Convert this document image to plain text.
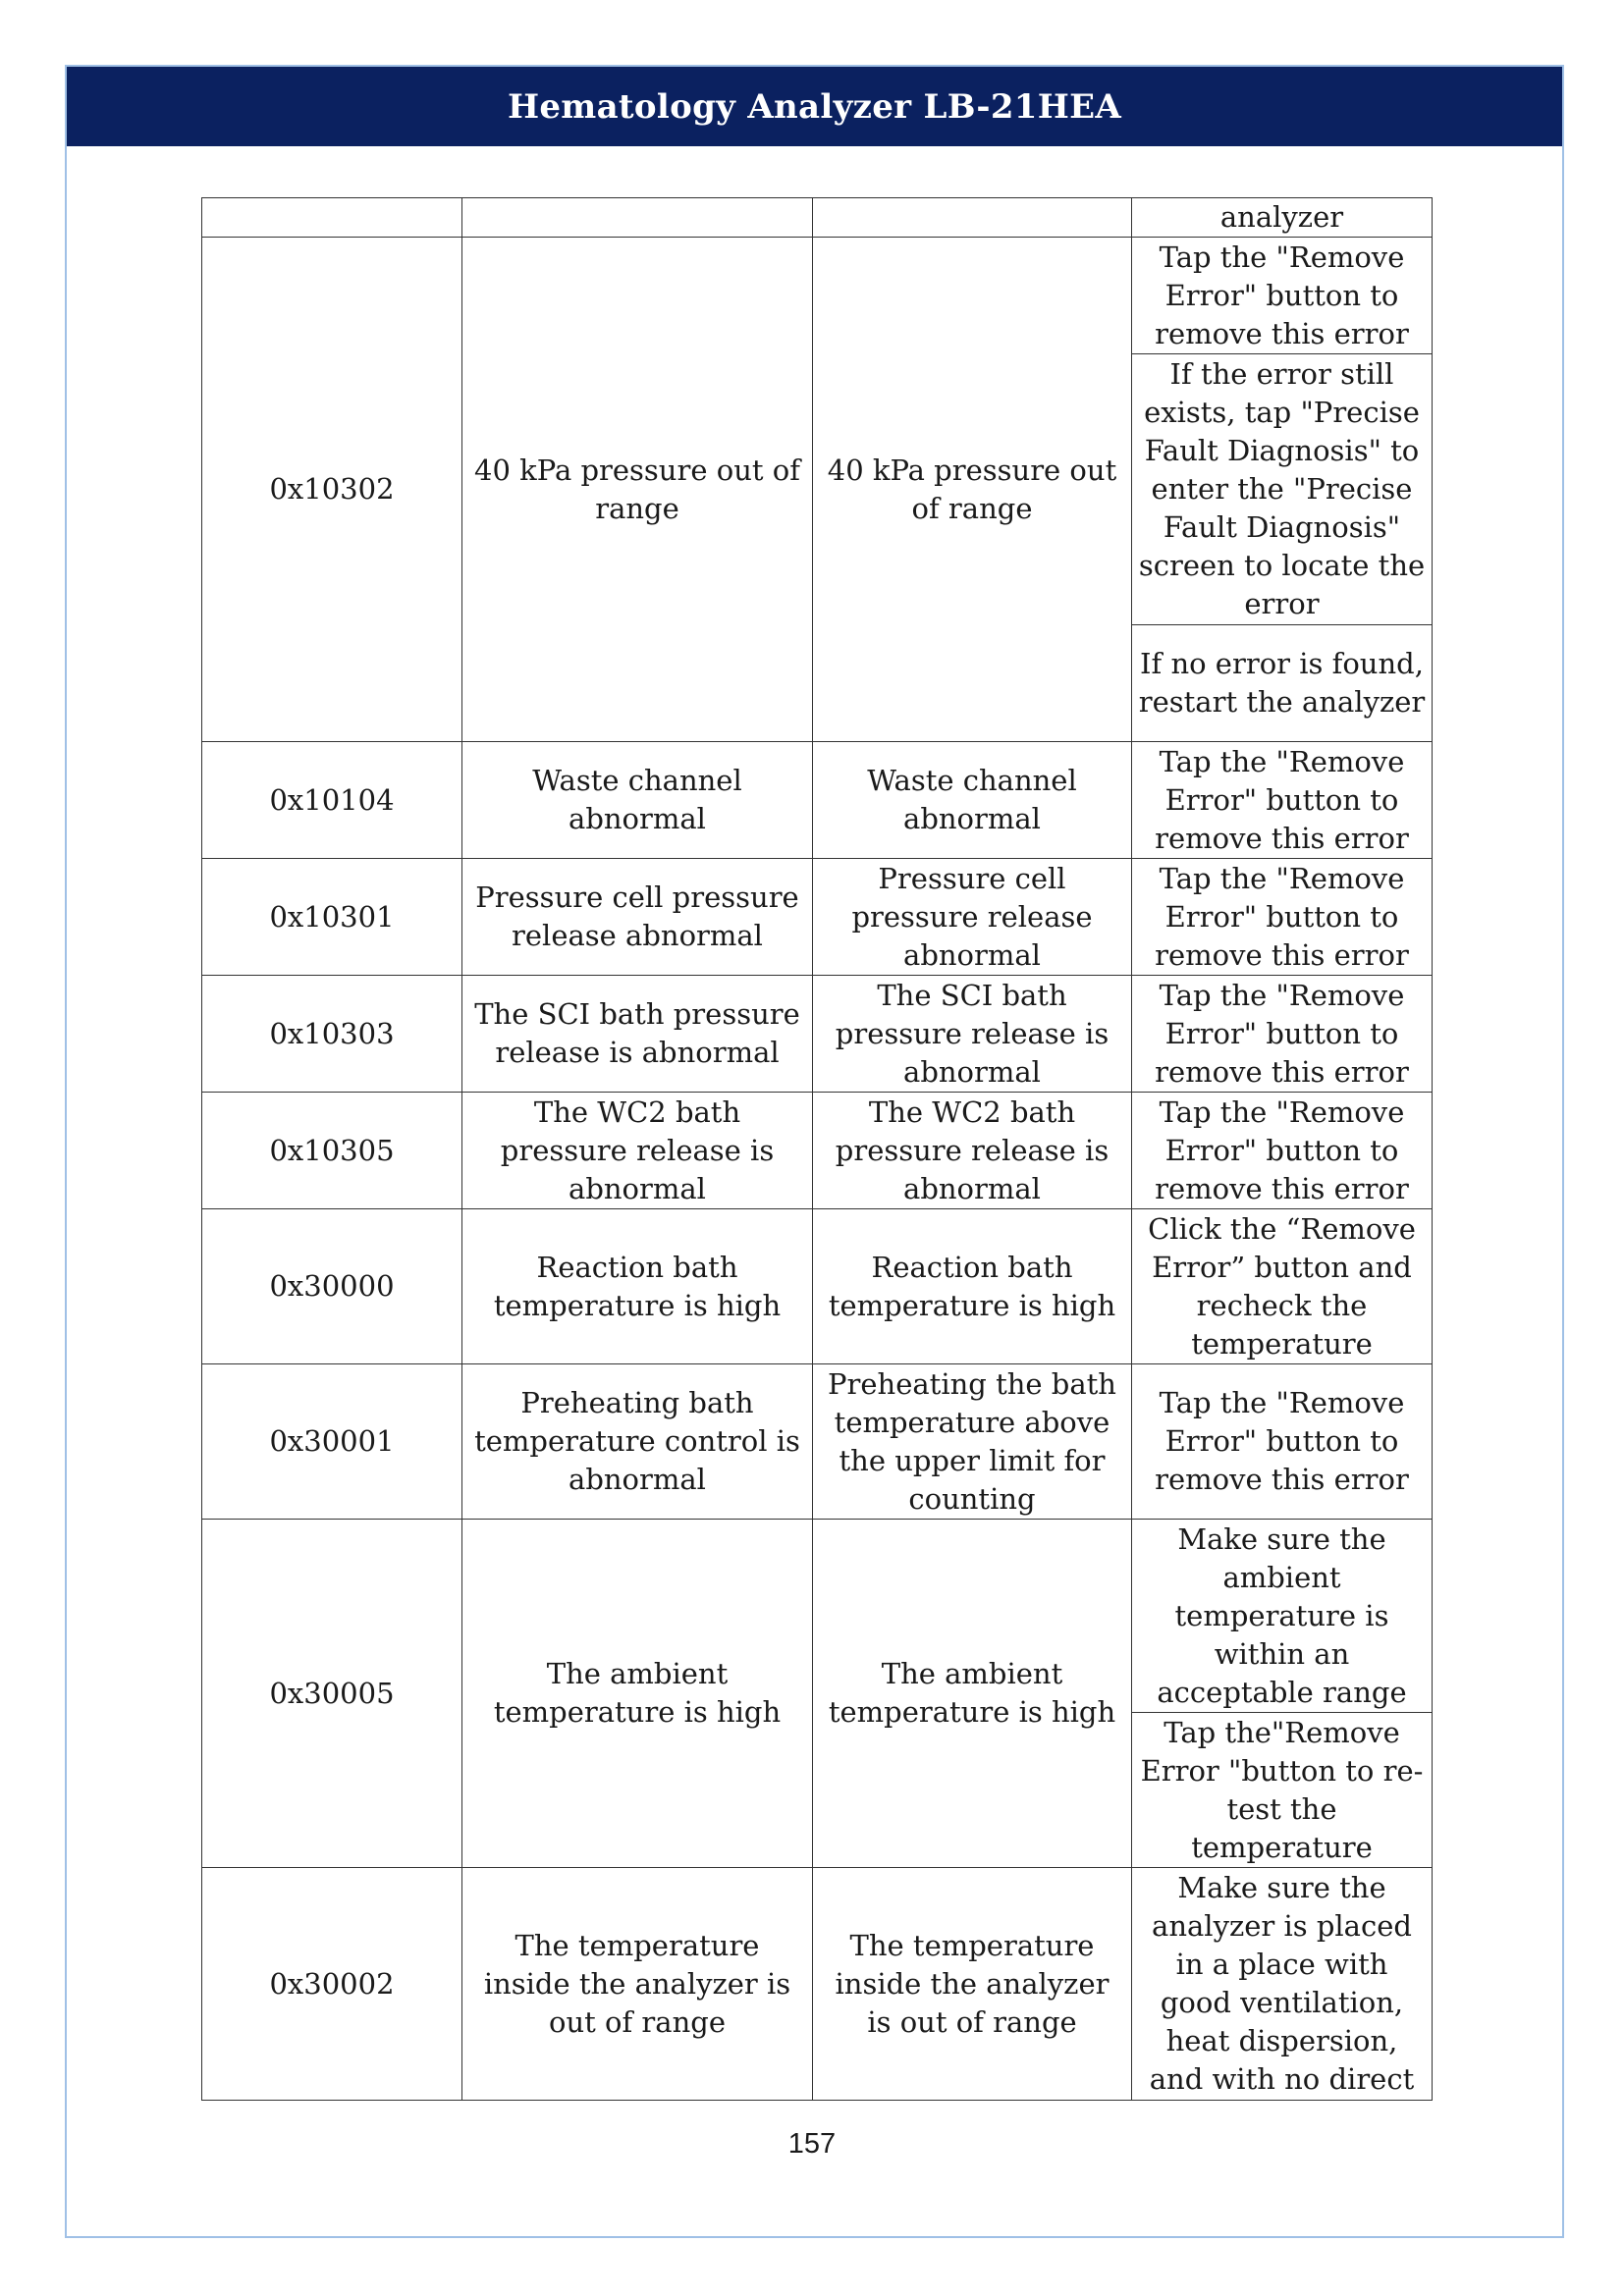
Hematology Analyzer LB-21HEA
			analyzer
0x10302	40 kPa pressure out of range	40 kPa pressure out of range	Tap the "Remove Error" button to remove this error
			If the error still exists, tap "Precise Fault Diagnosis" to enter the "Precise Fault Diagnosis" screen to locate the error
			If no error is found, restart the analyzer
0x10104	Waste channel abnormal	Waste channel abnormal	Tap the "Remove Error" button to remove this error
0x10301	Pressure cell pressure release abnormal	Pressure cell pressure release abnormal	Tap the "Remove Error" button to remove this error
0x10303	The SCI bath pressure release is abnormal	The SCI bath pressure release is abnormal	Tap the "Remove Error" button to remove this error
0x10305	The WC2 bath pressure release is abnormal	The WC2 bath pressure release is abnormal	Tap the "Remove Error" button to remove this error
0x30000	Reaction bath temperature is high	Reaction bath temperature is high	Click the “Remove Error” button and recheck the temperature
0x30001	Preheating bath temperature control is abnormal	Preheating the bath temperature above the upper limit for counting	Tap the "Remove Error" button to remove this error
0x30005	The ambient temperature is high	The ambient temperature is high	Make sure the ambient temperature is within an acceptable range
			Tap the"Remove Error "button to re-test the temperature
0x30002	The temperature inside the analyzer is out of range	The temperature inside the analyzer is out of range	Make sure the analyzer is placed in a place with good ventilation, heat dispersion, and with no direct
157
